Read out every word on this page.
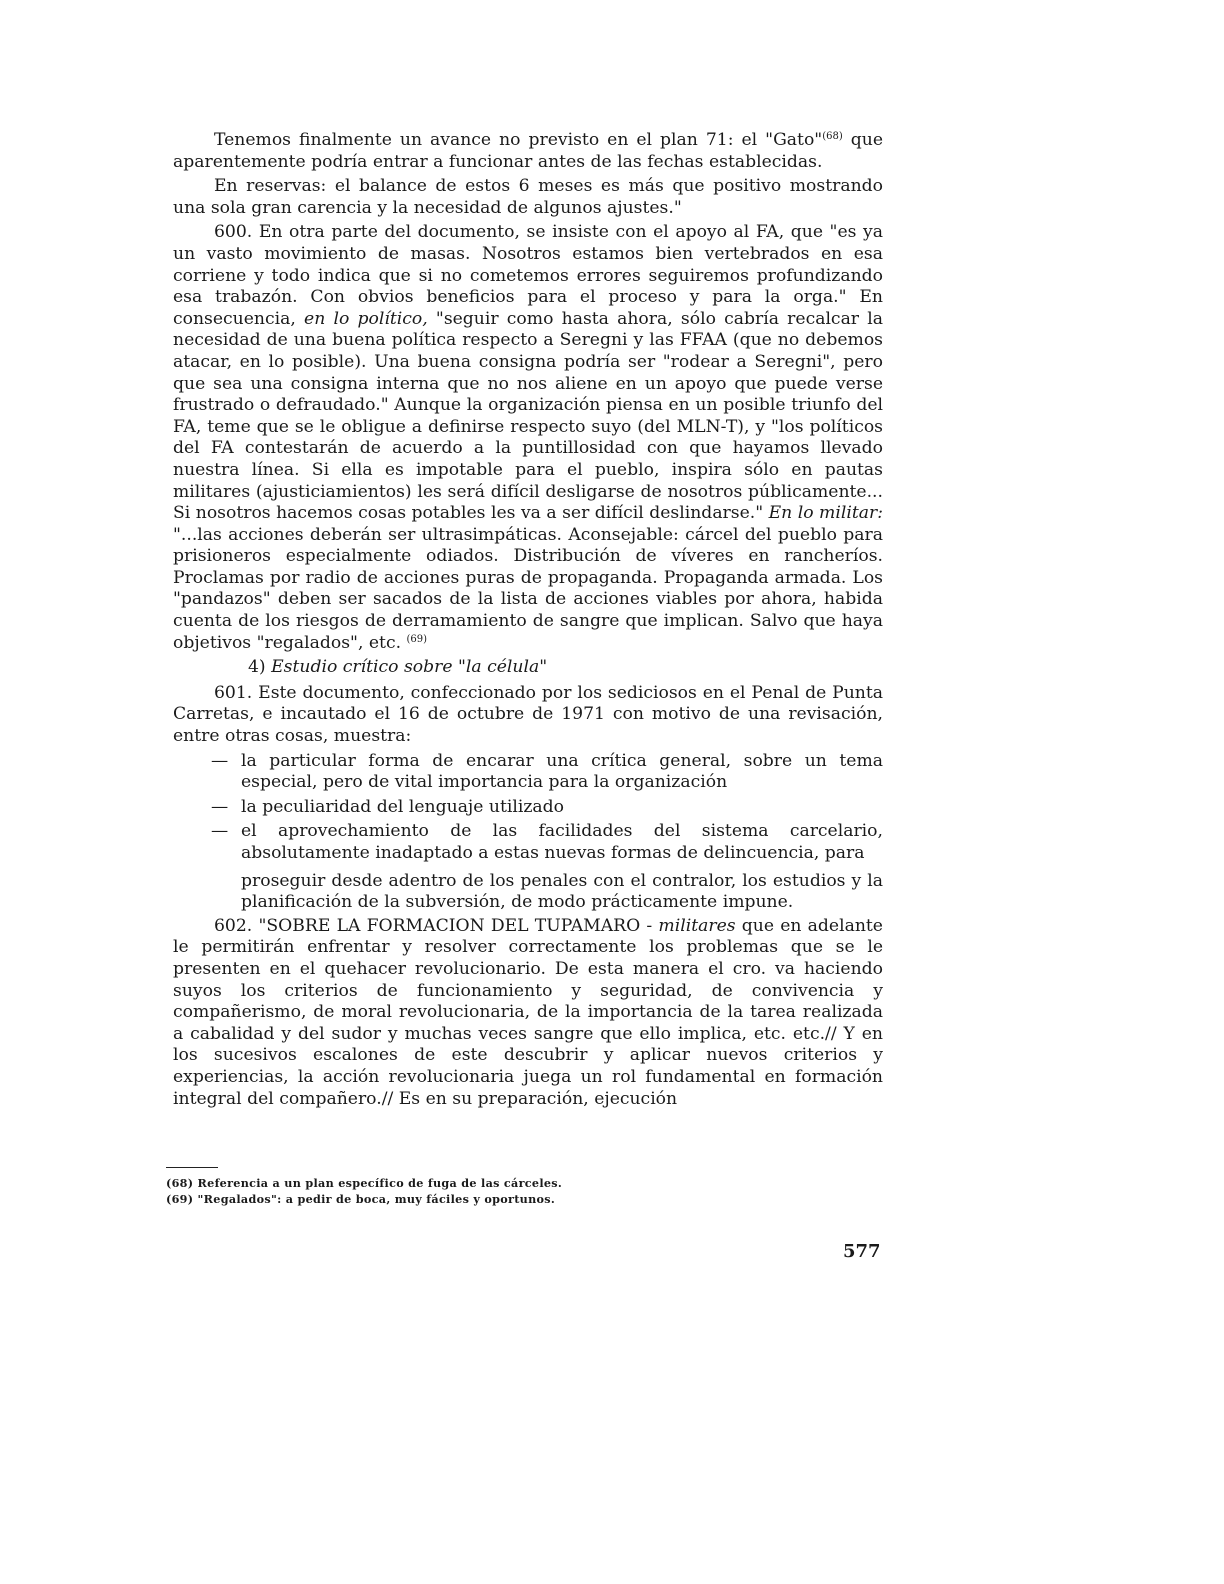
Tenemos finalmente un avance no previsto en el plan 71: el "Gato"$^{(68)}$ que aparentemente podría entrar a funcionar antes de las fechas establecidas.

En reservas: el balance de estos 6 meses es más que positivo mostrando una sola gran carencia y la necesidad de algunos ajustes."

600. En otra parte del documento, se insiste con el apoyo al FA, que "es ya un vasto movimiento de masas. Nosotros estamos bien vertebrados en esa corriene y todo indica que si no cometemos errores seguiremos profundizando esa trabazón. Con obvios beneficios para el proceso y para la orga." En consecuencia, en lo político, "seguir como hasta ahora, sólo cabría recalcar la necesidad de una buena política respecto a Seregni y las FFAA (que no debemos atacar, en lo posible). Una buena consigna podría ser "rodear a Seregni", pero que sea una consigna interna que no nos aliene en un apoyo que puede verse frustrado o defraudado." Aunque la organización piensa en un posible triunfo del FA, teme que se le obligue a definirse respecto suyo (del MLN-T), y "los políticos del FA contestarán de acuerdo a la puntillosidad con que hayamos llevado nuestra línea. Si ella es impotable para el pueblo, inspira sólo en pautas militares (ajusticiamientos) les será difícil desligarse de nosotros públicamente... Si nosotros hacemos cosas potables les va a ser difícil deslindarse." En lo militar: "...las acciones deberán ser ultrasimpáticas. Aconsejable: cárcel del pueblo para prisioneros especialmente odiados. Distribución de víveres en rancheríos. Proclamas por radio de acciones puras de propaganda. Propaganda armada. Los "pandazos" deben ser sacados de la lista de acciones viables por ahora, habida cuenta de los riesgos de derramamiento de sangre que implican. Salvo que haya objetivos "regalados", etc. $^{(69)}$

4) Estudio crítico sobre "la célula"

601. Este documento, confeccionado por los sediciosos en el Penal de Punta Carretas, e incautado el 16 de octubre de 1971 con motivo de una revisación, entre otras cosas, muestra:

— la particular forma de encarar una crítica general, sobre un tema especial, pero de vital importancia para la organización
— la peculiaridad del lenguaje utilizado
— el aprovechamiento de las facilidades del sistema carcelario, absolutamente inadaptado a estas nuevas formas de delincuencia, para
proseguir desde adentro de los penales con el contralor, los estudios y la planificación de la subversión, de modo prácticamente impune.

602. "SOBRE LA FORMACION DEL TUPAMARO - militares que en adelante le permitirán enfrentar y resolver correctamente los problemas que se le presenten en el quehacer revolucionario. De esta manera el cro. va haciendo suyos los criterios de funcionamiento y seguridad, de convivencia y compañerismo, de moral revolucionaria, de la importancia de la tarea realizada a cabalidad y del sudor y muchas veces sangre que ello implica, etc. etc.// Y en los sucesivos escalones de este descubrir y aplicar nuevos criterios y experiencias, la acción revolucionaria juega un rol fundamental en formación integral del compañero.// Es en su preparación, ejecución

(68) Referencia a un plan específico de fuga de las cárceles.
(69) "Regalados": a pedir de boca, muy fáciles y oportunos.
577
